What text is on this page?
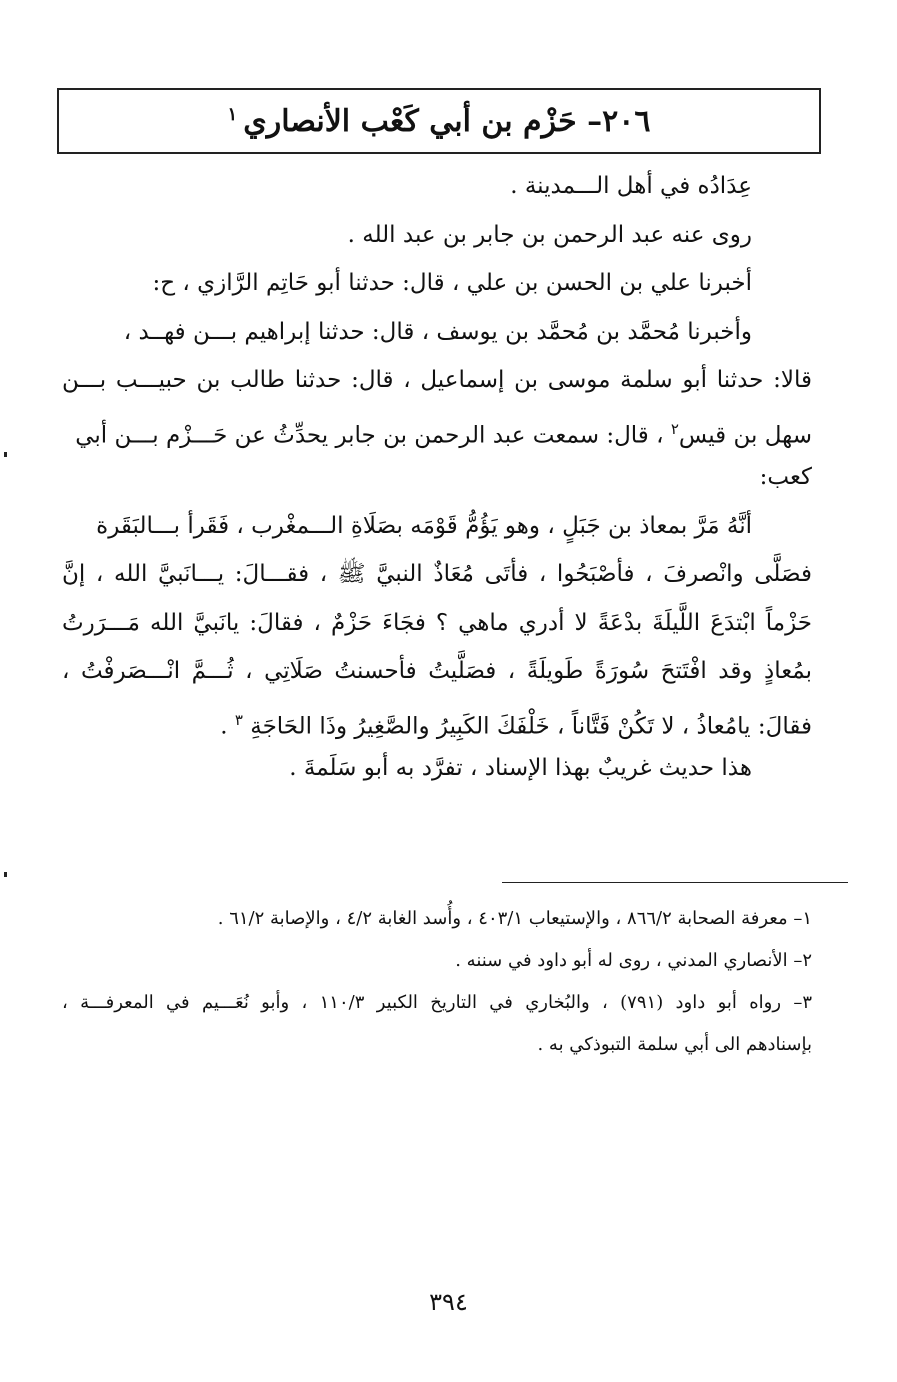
٢٠٦– حَزْم بن أبي كَعْب الأنصاري$^١$

عِدَادُه في أهل الـــمدينة .

روى عنه عبد الرحمن بن جابر بن عبد الله .

أخبرنا علي بن الحسن بن علي ، قال: حدثنا أبو حَاتِم الرَّازي ، ح:

وأخبرنا مُحمَّد بن مُحمَّد بن يوسف ، قال: حدثنا إبراهيم بـــن فهــد ،

قالا: حدثنا أبو سلمة موسى بن إسماعيل ، قال: حدثنا طالب بن حبيـــب بـــن

سهل بن قيس$^٢$ ، قال: سمعت عبد الرحمن بن جابر يحدِّثُ عن حَـــزْم بـــن أبي

كعب:

أنَّهُ مَرَّ بمعاذ بن جَبَلٍ ، وهو يَؤُمُّ قَوْمَه بصَلَاةِ الـــمغْرب ، فَقَرأ بـــالبَقَرة

فصَلَّى وانْصرفَ ، فأصْبَحُوا ، فأتَى مُعَاذٌ النبيَّ ﷺ ، فقـــالَ: يـــانَبيَّ الله ، إنَّ

حَزْماً ابْتدَعَ اللَّيلَةَ بدْعَةً لا أدري ماهي ؟ فجَاءَ حَزْمٌ ، فقالَ: يانَبيَّ الله مَـــرَرتُ

بمُعاذٍ وقد افْتَتحَ سُورَةً طَويلَةً ، فصَلَّيتُ فأحسنتُ صَلَاتِي ، ثُـــمَّ انْـــصَرفْتُ ،

فقالَ: يامُعاذُ ، لا تَكُنْ فَتَّاناً ، خَلْفَكَ الكَبِيرُ والصَّغِيرُ وذَا الحَاجَةِ $^٣$ .

هذا حديث غريبٌ بهذا الإسناد ، تفرَّد به أبو سَلَمةَ .

١– معرفة الصحابة ٨٦٦/٢ ، والإستيعاب ٤٠٣/١ ، وأُسد الغابة ٤/٢ ، والإصابة ٦١/٢ .

٢– الأنصاري المدني ، روى له أبو داود في سننه .

٣– رواه أبو داود (٧٩١) ، والبُخاري في التاريخ الكبير ١١٠/٣ ، وأبو نُعَـــيم في المعرفـــة ،

بإسنادهم الى أبي سلمة التبوذكي به .

٣٩٤
